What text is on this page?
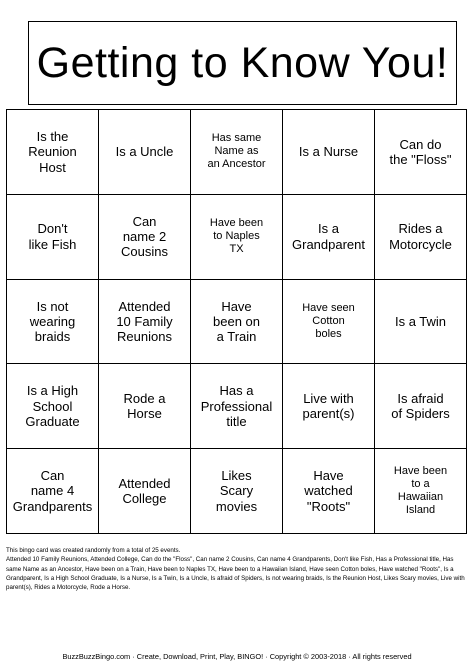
Getting to Know You!
Is the
Reunion
Host
Is a Uncle
Has same
Name as
an Ancestor
Is a Nurse
Can do
the "Floss"
Don't
like Fish
Can
name 2
Cousins
Have been
to Naples
TX
Is a
Grandparent
Rides a
Motorcycle
Is not
wearing
braids
Attended
10 Family
Reunions
Have
been on
a Train
Have seen
Cotton
boles
Is a Twin
Is a High
School
Graduate
Rode a
Horse
Has a
Professional
title
Live with
parent(s)
Is afraid
of Spiders
Can
name 4
Grandparents
Attended
College
Likes
Scary
movies
Have
watched
"Roots"
Have been
to a
Hawaiian
Island
This bingo card was created randomly from a total of 25 events.
Attended 10 Family Reunions, Attended College, Can do the "Floss", Can name 2 Cousins, Can name 4 Grandparents, Don't like Fish, Has a Professional title, Has same Name as an Ancestor, Have been on a Train, Have been to Naples TX, Have been to a Hawaiian Island, Have seen Cotton boles, Have watched "Roots", Is a Grandparent, Is a High School Graduate, Is a Nurse, Is a Twin, Is a Uncle, Is afraid of Spiders, Is not wearing braids, Is the Reunion Host, Likes Scary movies, Live with parent(s), Rides a Motorcycle, Rode a Horse.
BuzzBuzzBingo.com · Create, Download, Print, Play, BINGO! · Copyright © 2003-2018 · All rights reserved
